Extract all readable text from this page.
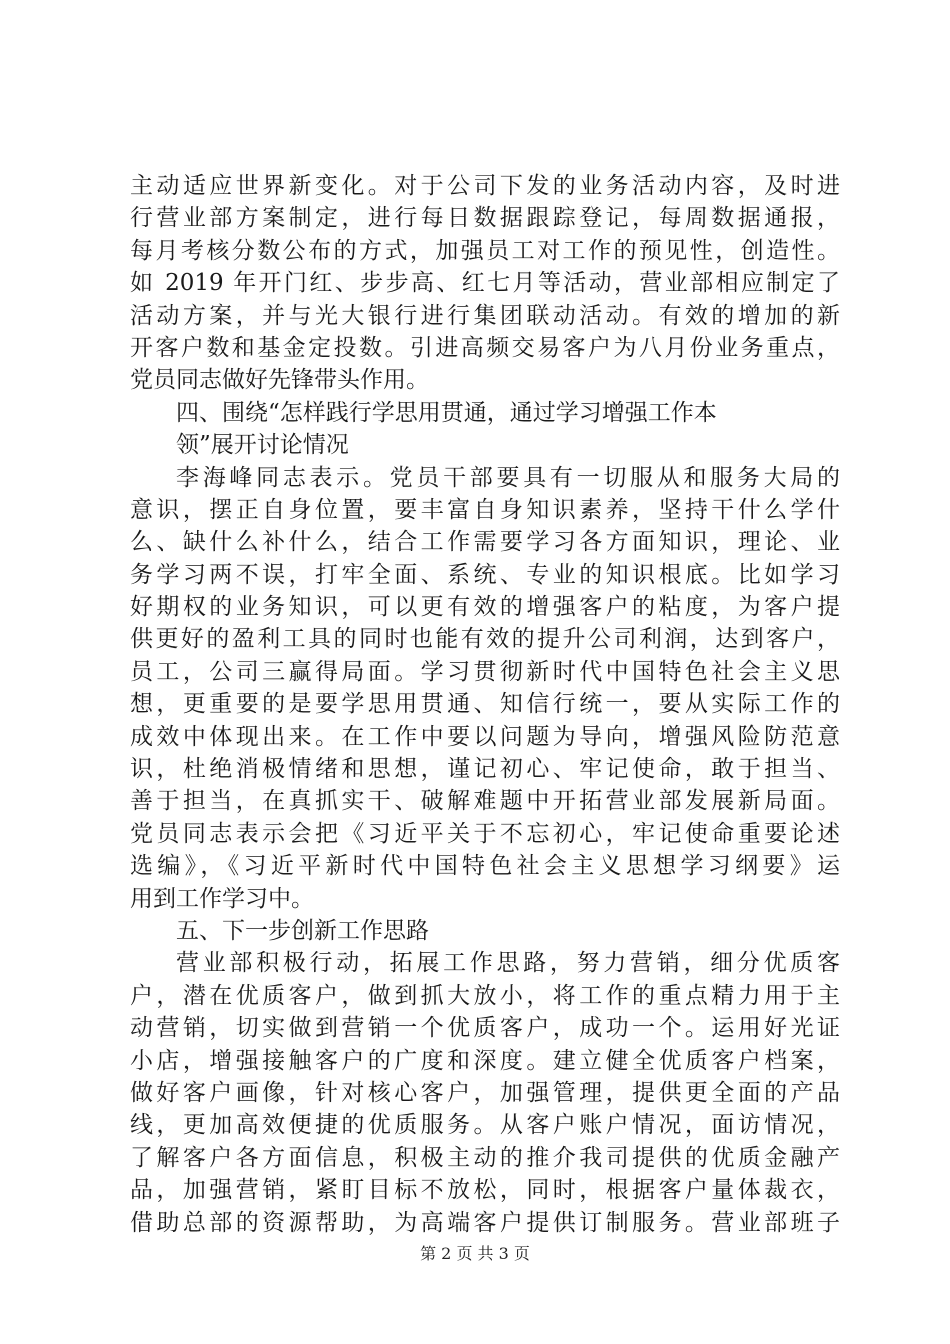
主动适应世界新变化。对于公司下发的业务活动内容，及时进
行营业部方案制定，进行每日数据跟踪登记，每周数据通报，
每月考核分数公布的方式，加强员工对工作的预见性，创造性。
如 2019 年开门红、步步高、红七月等活动，营业部相应制定了
活动方案，并与光大银行进行集团联动活动。有效的增加的新
开客户数和基金定投数。引进高频交易客户为八月份业务重点，
党员同志做好先锋带头作用。
四、围绕“怎样践行学思用贯通，通过学习增强工作本
领”展开讨论情况
李海峰同志表示。党员干部要具有一切服从和服务大局的
意识，摆正自身位置，要丰富自身知识素养，坚持干什么学什
么、缺什么补什么，结合工作需要学习各方面知识，理论、业
务学习两不误，打牢全面、系统、专业的知识根底。比如学习
好期权的业务知识，可以更有效的增强客户的粘度，为客户提
供更好的盈利工具的同时也能有效的提升公司利润，达到客户，
员工，公司三赢得局面。学习贯彻新时代中国特色社会主义思
想，更重要的是要学思用贯通、知信行统一，要从实际工作的
成效中体现出来。在工作中要以问题为导向，增强风险防范意
识，杜绝消极情绪和思想，谨记初心、牢记使命，敢于担当、
善于担当，在真抓实干、破解难题中开拓营业部发展新局面。
党员同志表示会把《习近平关于不忘初心，牢记使命重要论述
选编》，《习近平新时代中国特色社会主义思想学习纲要》运
用到工作学习中。
五、下一步创新工作思路
营业部积极行动，拓展工作思路，努力营销，细分优质客
户，潜在优质客户，做到抓大放小，将工作的重点精力用于主
动营销，切实做到营销一个优质客户，成功一个。运用好光证
小店，增强接触客户的广度和深度。建立健全优质客户档案，
做好客户画像，针对核心客户，加强管理，提供更全面的产品
线，更加高效便捷的优质服务。从客户账户情况，面访情况，
了解客户各方面信息，积极主动的推介我司提供的优质金融产
品，加强营销，紧盯目标不放松，同时，根据客户量体裁衣，
借助总部的资源帮助，为高端客户提供订制服务。营业部班子
第 2 页 共 3 页
